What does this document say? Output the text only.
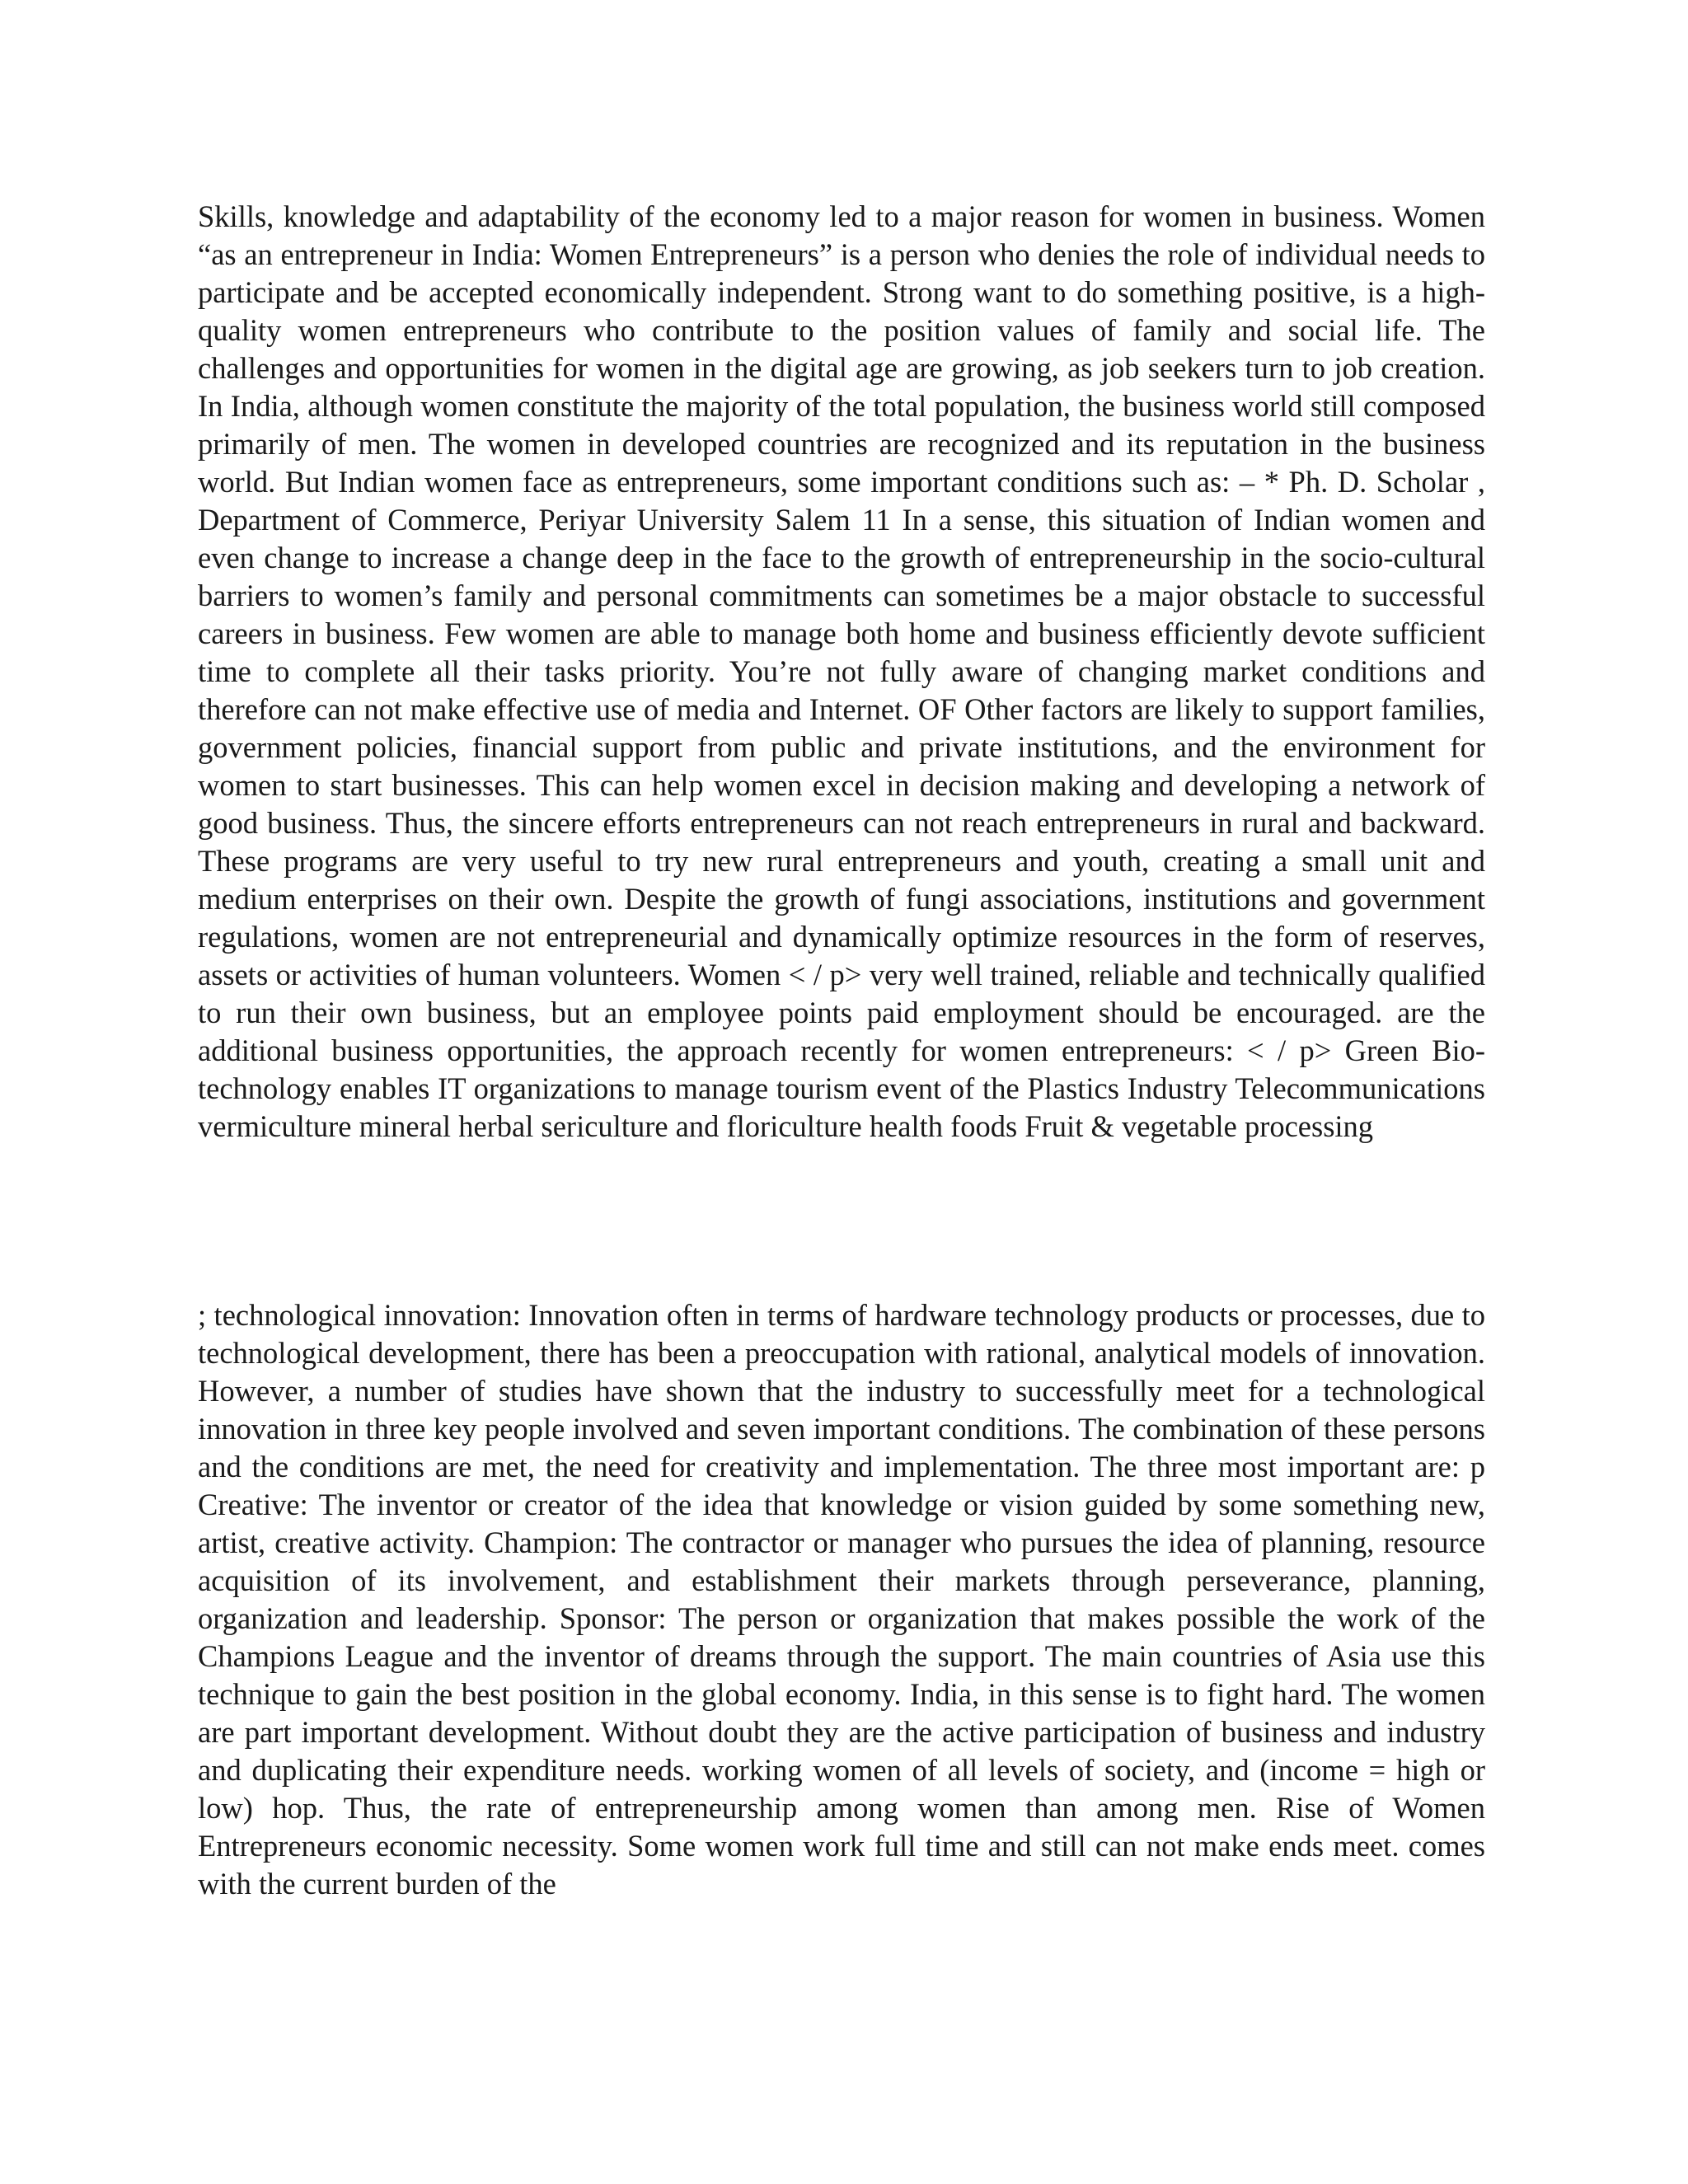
Skills, knowledge and adaptability of the economy led to a major reason for women in business. Women “as an entrepreneur in India: Women Entrepreneurs” is a person who denies the role of individual needs to participate and be accepted economically independent. Strong want to do something positive, is a high-quality women entrepreneurs who contribute to the position values of family and social life. The challenges and opportunities for women in the digital age are growing, as job seekers turn to job creation. In India, although women constitute the majority of the total population, the business world still composed primarily of men. The women in developed countries are recognized and its reputation in the business world. But Indian women face as entrepreneurs, some important conditions such as: – * Ph. D. Scholar , Department of Commerce, Periyar University Salem 11 In a sense, this situation of Indian women and even change to increase a change deep in the face to the growth of entrepreneurship in the socio-cultural barriers to women’s family and personal commitments can sometimes be a major obstacle to successful careers in business. Few women are able to manage both home and business efficiently devote sufficient time to complete all their tasks priority. You’re not fully aware of changing market conditions and therefore can not make effective use of media and Internet. OF Other factors are likely to support families, government policies, financial support from public and private institutions, and the environment for women to start businesses. This can help women excel in decision making and developing a network of good business. Thus, the sincere efforts entrepreneurs can not reach entrepreneurs in rural and backward. These programs are very useful to try new rural entrepreneurs and youth, creating a small unit and medium enterprises on their own. Despite the growth of fungi associations, institutions and government regulations, women are not entrepreneurial and dynamically optimize resources in the form of reserves, assets or activities of human volunteers. Women < / p> very well trained, reliable and technically qualified to run their own business, but an employee points paid employment should be encouraged. are the additional business opportunities, the approach recently for women entrepreneurs: < / p> Green Bio-technology enables IT organizations to manage tourism event of the Plastics Industry Telecommunications vermiculture mineral herbal sericulture and floriculture health foods Fruit & vegetable processing

; technological innovation: Innovation often in terms of hardware technology products or processes, due to technological development, there has been a preoccupation with rational, analytical models of innovation. However, a number of studies have shown that the industry to successfully meet for a technological innovation in three key people involved and seven important conditions. The combination of these persons and the conditions are met, the need for creativity and implementation. The three most important are: p Creative: The inventor or creator of the idea that knowledge or vision guided by some something new, artist, creative activity. Champion: The contractor or manager who pursues the idea of planning, resource acquisition of its involvement, and establishment their markets through perseverance, planning, organization and leadership. Sponsor: The person or organization that makes possible the work of the Champions League and the inventor of dreams through the support. The main countries of Asia use this technique to gain the best position in the global economy. India, in this sense is to fight hard. The women are part important development. Without doubt they are the active participation of business and industry and duplicating their expenditure needs. working women of all levels of society, and (income = high or low) hop. Thus, the rate of entrepreneurship among women than among men. Rise of Women Entrepreneurs economic necessity. Some women work full time and still can not make ends meet. comes with the current burden of the
